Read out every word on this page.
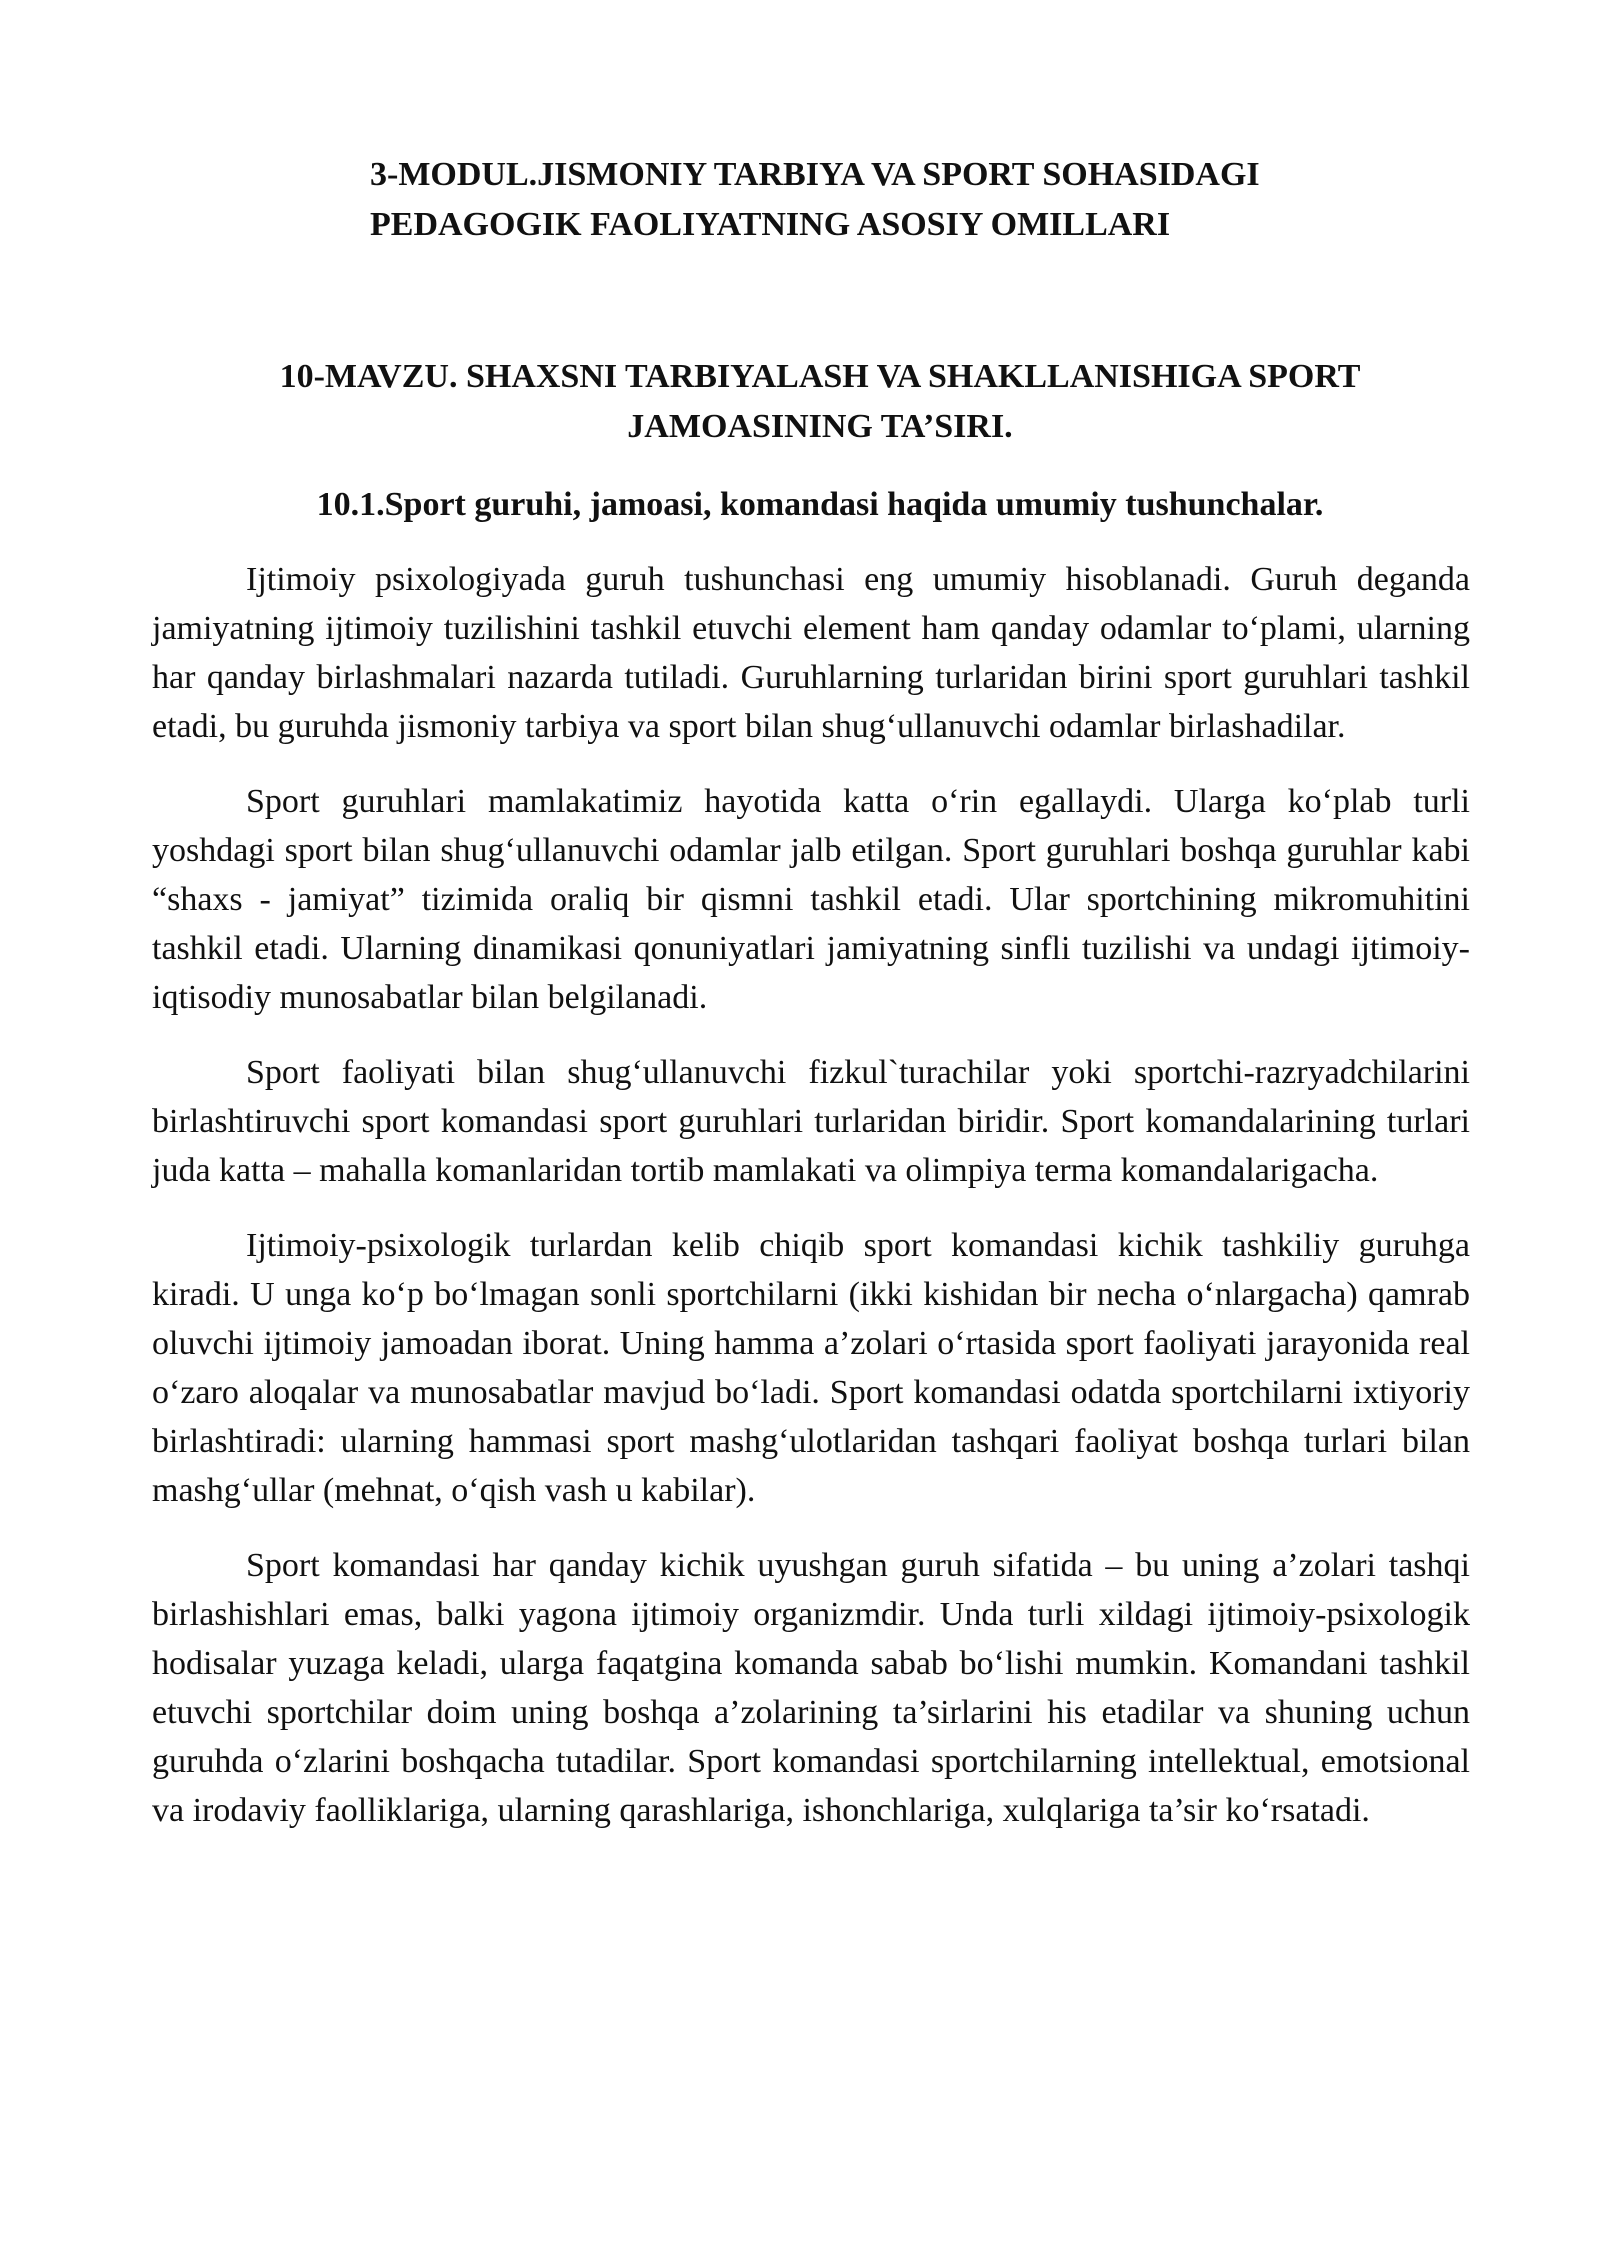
3-MODUL.JISMONIY TARBIYA VA SPORT SOHASIDAGI
PEDAGOGIK FAOLIYATNING ASOSIY OMILLARI
10-MAVZU. SHAXSNI TARBIYALASH VA SHAKLLANISHIGA SPORT
JAMOASINING TA’SIRI.
10.1.Sport guruhi, jamoasi, komandasi haqida umumiy tushunchalar.

Ijtimoiy psixologiyada guruh tushunchasi eng umumiy hisoblanadi. Guruh deganda jamiyatning ijtimoiy tuzilishini tashkil etuvchi element ham qanday odamlar to‘plami, ularning har qanday birlashmalari nazarda tutiladi. Guruhlarning turlaridan birini sport guruhlari tashkil etadi, bu guruhda jismoniy tarbiya va sport bilan shug‘ullanuvchi odamlar birlashadilar.

Sport guruhlari mamlakatimiz hayotida katta o‘rin egallaydi. Ularga ko‘plab turli yoshdagi sport bilan shug‘ullanuvchi odamlar jalb etilgan. Sport guruhlari boshqa guruhlar kabi “shaxs - jamiyat” tizimida oraliq bir qismni tashkil etadi. Ular sportchining mikromuhitini tashkil etadi. Ularning dinamikasi qonuniyatlari jamiyatning sinfli tuzilishi va undagi ijtimoiy-iqtisodiy munosabatlar bilan belgilanadi.

Sport faoliyati bilan shug‘ullanuvchi fizkul`turachilar yoki sportchi-razryadchilarini birlashtiruvchi sport komandasi sport guruhlari turlaridan biridir. Sport komandalarining turlari juda katta – mahalla komanlaridan tortib mamlakati va olimpiya terma komandalarigacha.

Ijtimoiy-psixologik turlardan kelib chiqib sport komandasi kichik tashkiliy guruhga kiradi. U unga ko‘p bo‘lmagan sonli sportchilarni (ikki kishidan bir necha o‘nlargacha) qamrab oluvchi ijtimoiy jamoadan iborat. Uning hamma a’zolari o‘rtasida sport faoliyati jarayonida real o‘zaro aloqalar va munosabatlar mavjud bo‘ladi. Sport komandasi odatda sportchilarni ixtiyoriy birlashtiradi: ularning hammasi sport mashg‘ulotlaridan tashqari faoliyat boshqa turlari bilan mashg‘ullar (mehnat, o‘qish vash u kabilar).

Sport komandasi har qanday kichik uyushgan guruh sifatida – bu uning a’zolari tashqi birlashishlari emas, balki yagona ijtimoiy organizmdir. Unda turli xildagi ijtimoiy-psixologik hodisalar yuzaga keladi, ularga faqatgina komanda sabab bo‘lishi mumkin. Komandani tashkil etuvchi sportchilar doim uning boshqa a’zolarining ta’sirlarini his etadilar va shuning uchun guruhda o‘zlarini boshqacha tutadilar. Sport komandasi sportchilarning intellektual, emotsional va irodaviy faolliklariga, ularning qarashlariga, ishonchlariga, xulqlariga ta’sir ko‘rsatadi.
